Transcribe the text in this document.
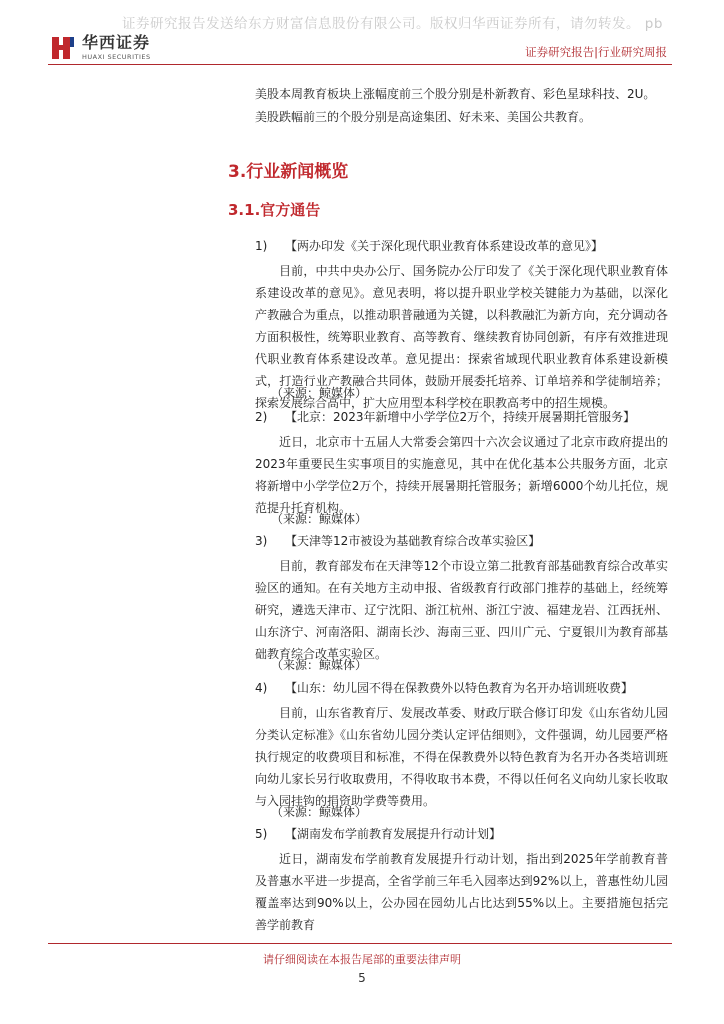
证券研究报告发送给东方财富信息股份有限公司。版权归华西证券所有，请勿转发。 pb
华西证券
HUAXI SECURITIES	证券研究报告|行业研究周报
美股本周教育板块上涨幅度前三个股分别是朴新教育、彩色星球科技、2U。
美股跌幅前三的个股分别是高途集团、好未来、美国公共教育。
3.行业新闻概览
3.1.官方通告
1) 【两办印发《关于深化现代职业教育体系建设改革的意见》】
目前，中共中央办公厅、国务院办公厅印发了《关于深化现代职业教育体系建设改革的意见》。意见表明，将以提升职业学校关键能力为基础，以深化产教融合为重点，以推动职普融通为关键，以科教融汇为新方向，充分调动各方面积极性，统筹职业教育、高等教育、继续教育协同创新，有序有效推进现代职业教育体系建设改革。意见提出：探索省域现代职业教育体系建设新模式，打造行业产教融合共同体，鼓励开展委托培养、订单培养和学徒制培养；探索发展综合高中，扩大应用型本科学校在职教高考中的招生规模。
（来源：鲸媒体）
2) 【北京：2023年新增中小学学位2万个，持续开展暑期托管服务】
近日，北京市十五届人大常委会第四十六次会议通过了北京市政府提出的2023年重要民生实事项目的实施意见，其中在优化基本公共服务方面，北京将新增中小学学位2万个，持续开展暑期托管服务；新增6000个幼儿托位，规范提升托育机构。
（来源：鲸媒体）
3) 【天津等12市被设为基础教育综合改革实验区】
目前，教育部发布在天津等12个市设立第二批教育部基础教育综合改革实验区的通知。在有关地方主动申报、省级教育行政部门推荐的基础上，经统筹研究，遴选天津市、辽宁沈阳、浙江杭州、浙江宁波、福建龙岩、江西抚州、山东济宁、河南洛阳、湖南长沙、海南三亚、四川广元、宁夏银川为教育部基础教育综合改革实验区。
（来源：鲸媒体）
4) 【山东：幼儿园不得在保教费外以特色教育为名开办培训班收费】
目前，山东省教育厅、发展改革委、财政厅联合修订印发《山东省幼儿园分类认定标准》《山东省幼儿园分类认定评估细则》，文件强调，幼儿园要严格执行规定的收费项目和标准，不得在保教费外以特色教育为名开办各类培训班向幼儿家长另行收取费用，不得收取书本费，不得以任何名义向幼儿家长收取与入园挂钩的捐资助学费等费用。
（来源：鲸媒体）
5) 【湖南发布学前教育发展提升行动计划】
近日，湖南发布学前教育发展提升行动计划，指出到2025年学前教育普及普惠水平进一步提高，全省学前三年毛入园率达到92%以上，普惠性幼儿园覆盖率达到90%以上，公办园在园幼儿占比达到55%以上。主要措施包括完善学前教育
请仔细阅读在本报告尾部的重要法律声明
5
